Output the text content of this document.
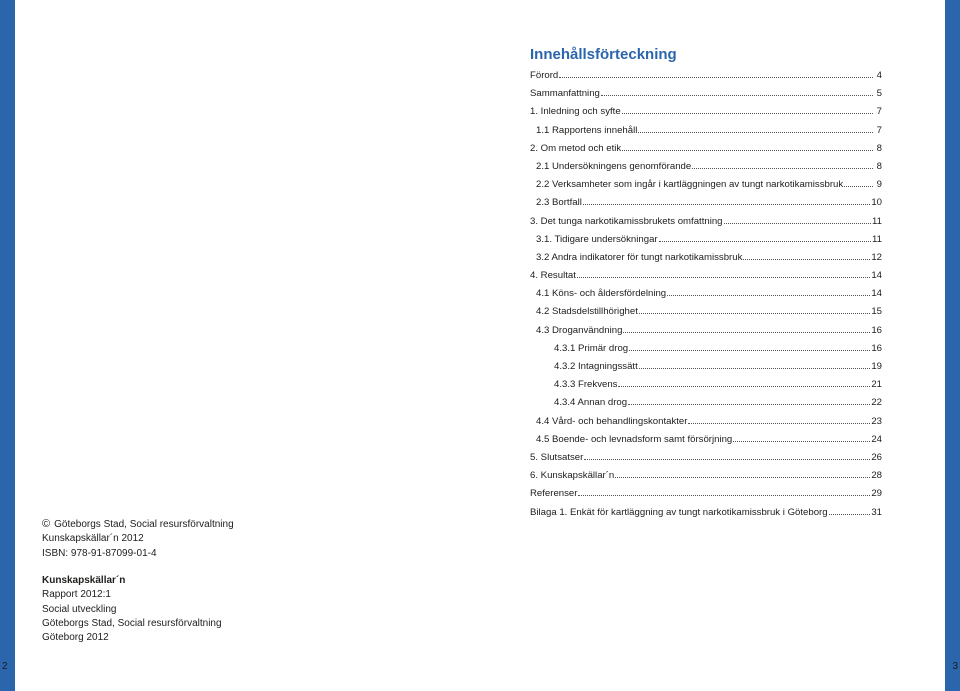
2	3
© Göteborgs Stad, Social resursförvaltning
Kunskapskällar´n 2012
ISBN: 978-91-87099-01-4
Kunskapskällar´n
Rapport 2012:1
Social utveckling
Göteborgs Stad, Social resursförvaltning
Göteborg 2012
Innehållsförteckning
Förord	4
Sammanfattning	5
1. Inledning och syfte	7
1.1 Rapportens innehåll	7
2. Om metod och etik	8
2.1 Undersökningens genomförande	8
2.2 Verksamheter som ingår i kartläggningen av tungt narkotikamissbruk	9
2.3 Bortfall	10
3. Det tunga narkotikamissbrukets omfattning	11
3.1. Tidigare undersökningar	11
3.2 Andra indikatorer för tungt narkotikamissbruk	12
4. Resultat	14
4.1 Köns- och åldersfördelning	14
4.2 Stadsdelstillhörighet	15
4.3 Droganvändning	16
4.3.1 Primär drog	16
4.3.2 Intagningssätt	19
4.3.3 Frekvens	21
4.3.4 Annan drog	22
4.4 Vård- och behandlingskontakter	23
4.5 Boende- och levnadsform samt försörjning	24
5. Slutsatser	26
6. Kunskapskällar´n	28
Referenser	29
Bilaga 1. Enkät för kartläggning av tungt narkotikamissbruk i Göteborg	31
